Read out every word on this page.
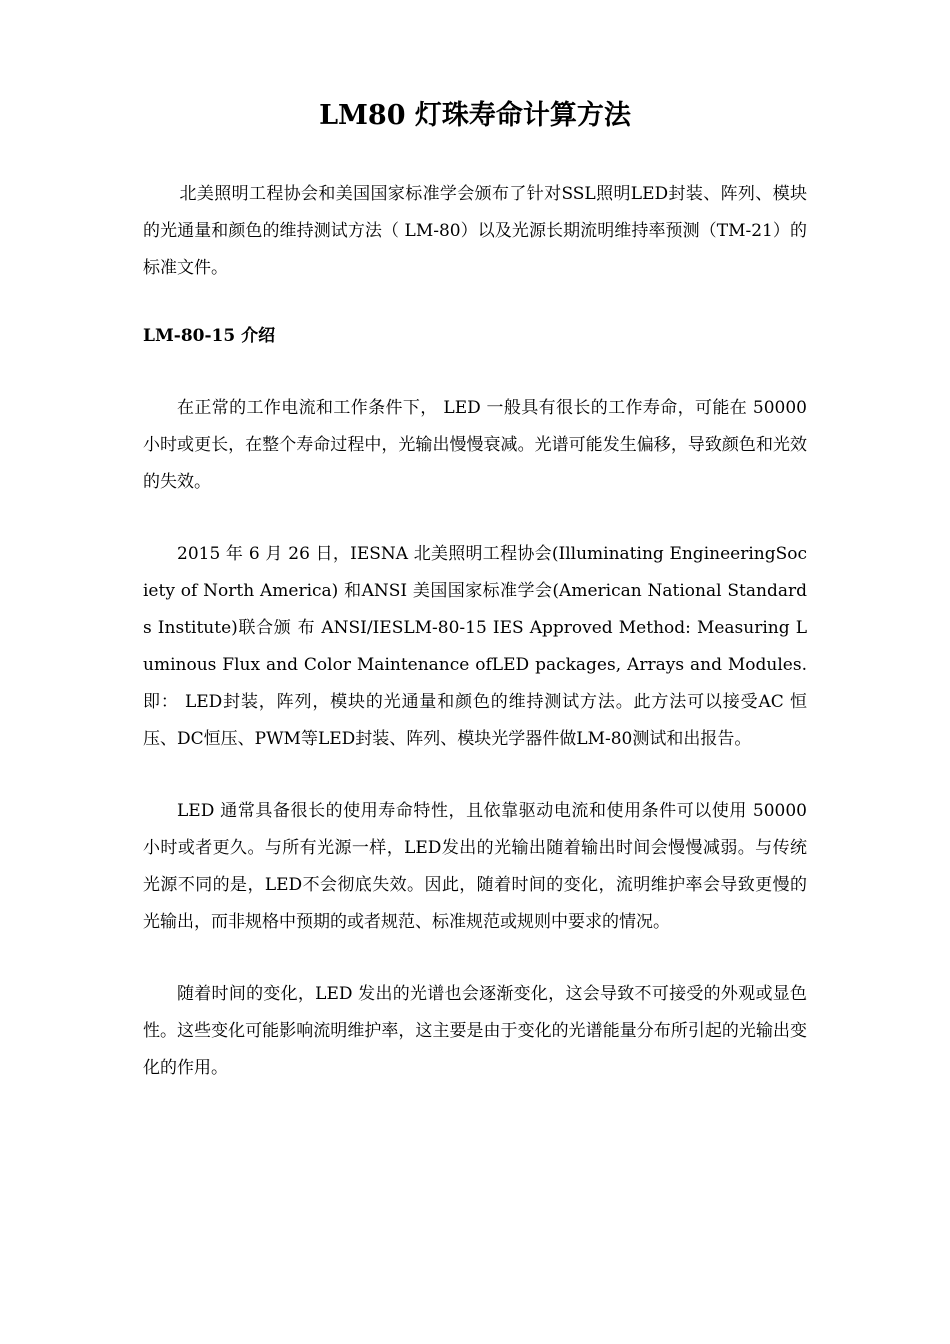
LM80 灯珠寿命计算方法

北美照明工程协会和美国国家标准学会颁布了针对SSL照明LED封装、阵列、模块的光通量和颜色的维持测试方法（ LM-80）以及光源长期流明维持率预测（TM-21）的标准文件。

LM-80-15 介绍

在正常的工作电流和工作条件下， LED 一般具有很长的工作寿命，可能在 50000 小时或更长，在整个寿命过程中，光输出慢慢衰减。光谱可能发生偏移，导致颜色和光效的失效。

2015 年 6 月 26 日，IESNA 北美照明工程协会(Illuminating EngineeringSociety of North America) 和ANSI 美国国家标准学会(American National Standards Institute)联合颁 布 ANSI/IESLM-80-15 IES Approved Method: Measuring Luminous Flux and Color Maintenance ofLED packages, Arrays and Modules.即： LED封装，阵列，模块的光通量和颜色的维持测试方法。此方法可以接受AC 恒压、DC恒压、PWM等LED封装、阵列、模块光学器件做LM-80测试和出报告。

LED 通常具备很长的使用寿命特性，且依靠驱动电流和使用条件可以使用 50000 小时或者更久。与所有光源一样，LED发出的光输出随着输出时间会慢慢减弱。与传统光源不同的是，LED不会彻底失效。因此，随着时间的变化，流明维护率会导致更慢的光输出，而非规格中预期的或者规范、标准规范或规则中要求的情况。

随着时间的变化，LED 发出的光谱也会逐渐变化，这会导致不可接受的外观或显色性。这些变化可能影响流明维护率，这主要是由于变化的光谱能量分布所引起的光输出变化的作用。
